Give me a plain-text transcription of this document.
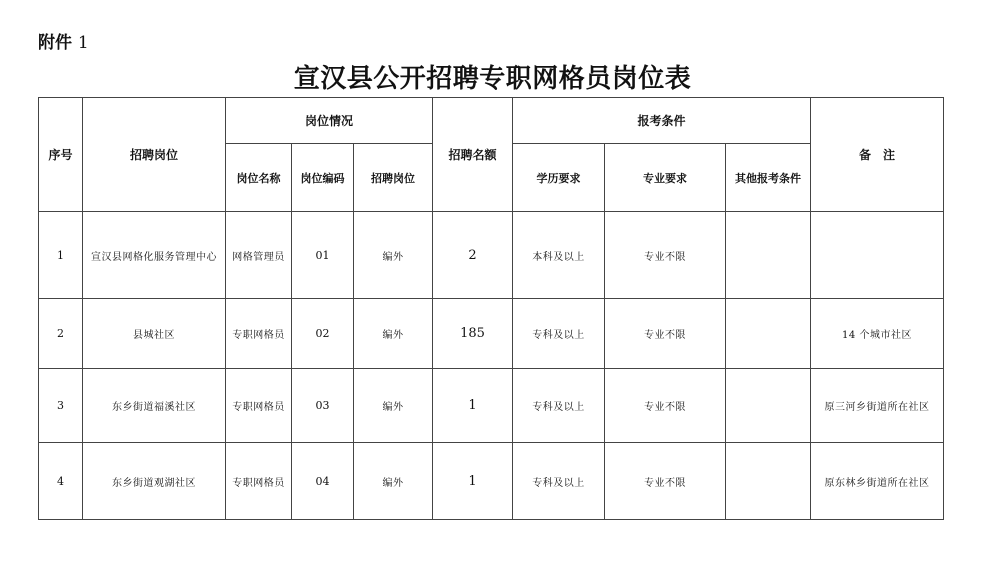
附件 1
宣汉县公开招聘专职网格员岗位表
序号	招聘岗位	岗位情况			招聘名额	报考条件			备　注
		岗位名称	岗位编码	招聘岗位		学历要求	专业要求	其他报考条件	
1	宣汉县网格化服务管理中心	网格管理员	01	编外	2	本科及以上	专业不限		
2	县城社区	专职网格员	02	编外	185	专科及以上	专业不限		14 个城市社区
3	东乡街道福溪社区	专职网格员	03	编外	1	专科及以上	专业不限		原三河乡街道所在社区
4	东乡街道观湖社区	专职网格员	04	编外	1	专科及以上	专业不限		原东林乡街道所在社区
